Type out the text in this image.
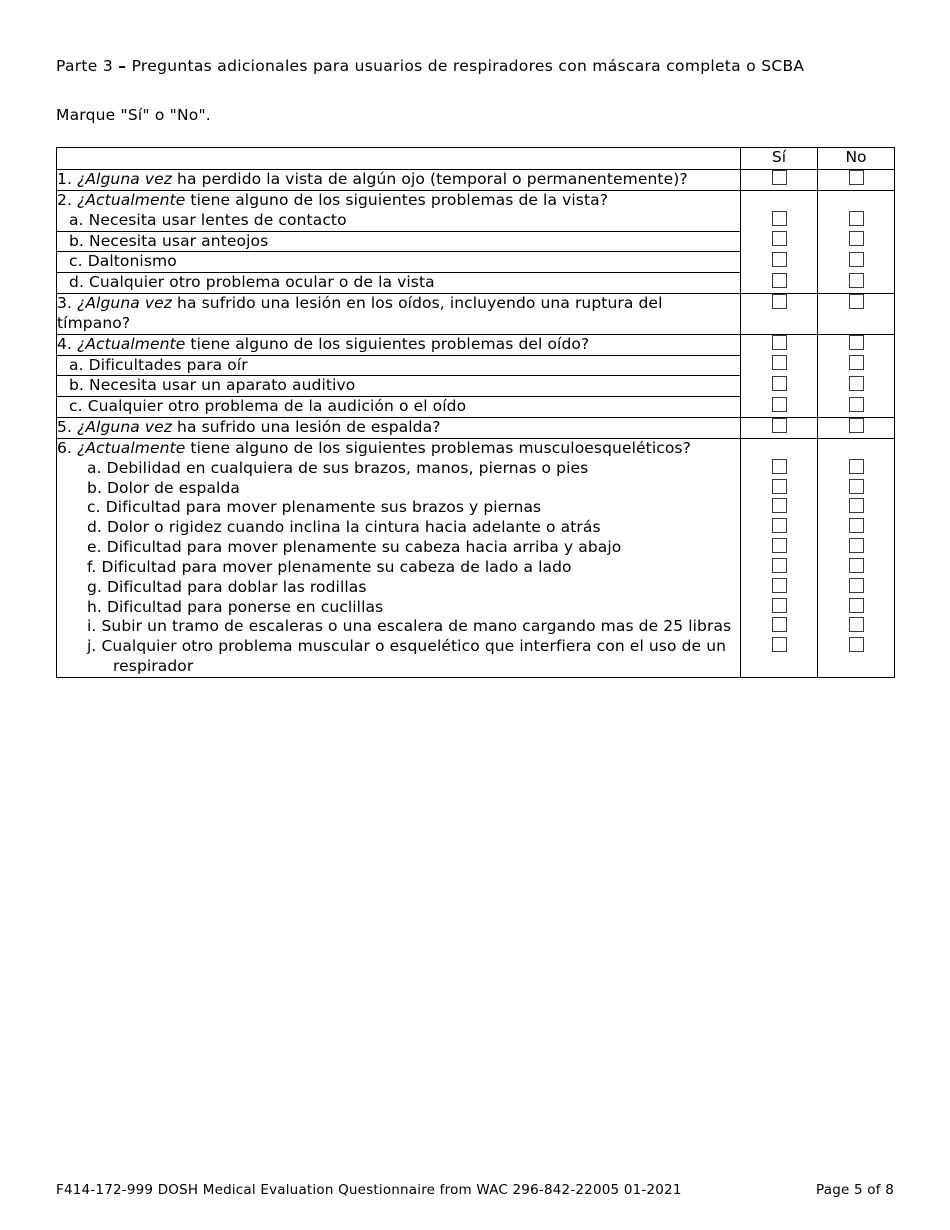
Parte 3 – Preguntas adicionales para usuarios de respiradores con máscara completa o SCBA
Marque "Sí" o "No".
	Sí	No
1. ¿Alguna vez ha perdido la vista de algún ojo (temporal o permanentemente)?		
2. ¿Actualmente tiene alguno de los siguientes problemas de la vista?		
a. Necesita usar lentes de contacto		
b. Necesita usar anteojos		
c. Daltonismo		
d. Cualquier otro problema ocular o de la vista		
3. ¿Alguna vez ha sufrido una lesión en los oídos, incluyendo una ruptura del tímpano?		
4. ¿Actualmente tiene alguno de los siguientes problemas del oído?		
a. Dificultades para oír		
b. Necesita usar un aparato auditivo		
c. Cualquier otro problema de la audición o el oído		
5. ¿Alguna vez ha sufrido una lesión de espalda?		
6. ¿Actualmente tiene alguno de los siguientes problemas musculoesqueléticos?		
a. Debilidad en cualquiera de sus brazos, manos, piernas o pies		
b. Dolor de espalda		
c. Dificultad para mover plenamente sus brazos y piernas		
d. Dolor o rigidez cuando inclina la cintura hacia adelante o atrás		
e. Dificultad para mover plenamente su cabeza hacia arriba y abajo		
f. Dificultad para mover plenamente su cabeza de lado a lado		
g. Dificultad para doblar las rodillas		
h. Dificultad para ponerse en cuclillas		
i. Subir un tramo de escaleras o una escalera de mano cargando mas de 25 libras		
j. Cualquier otro problema muscular o esquelético que interfiera con el uso de un respirador		
F414-172-999 DOSH Medical Evaluation Questionnaire from WAC 296-842-22005 01-2021	Page 5 of 8
